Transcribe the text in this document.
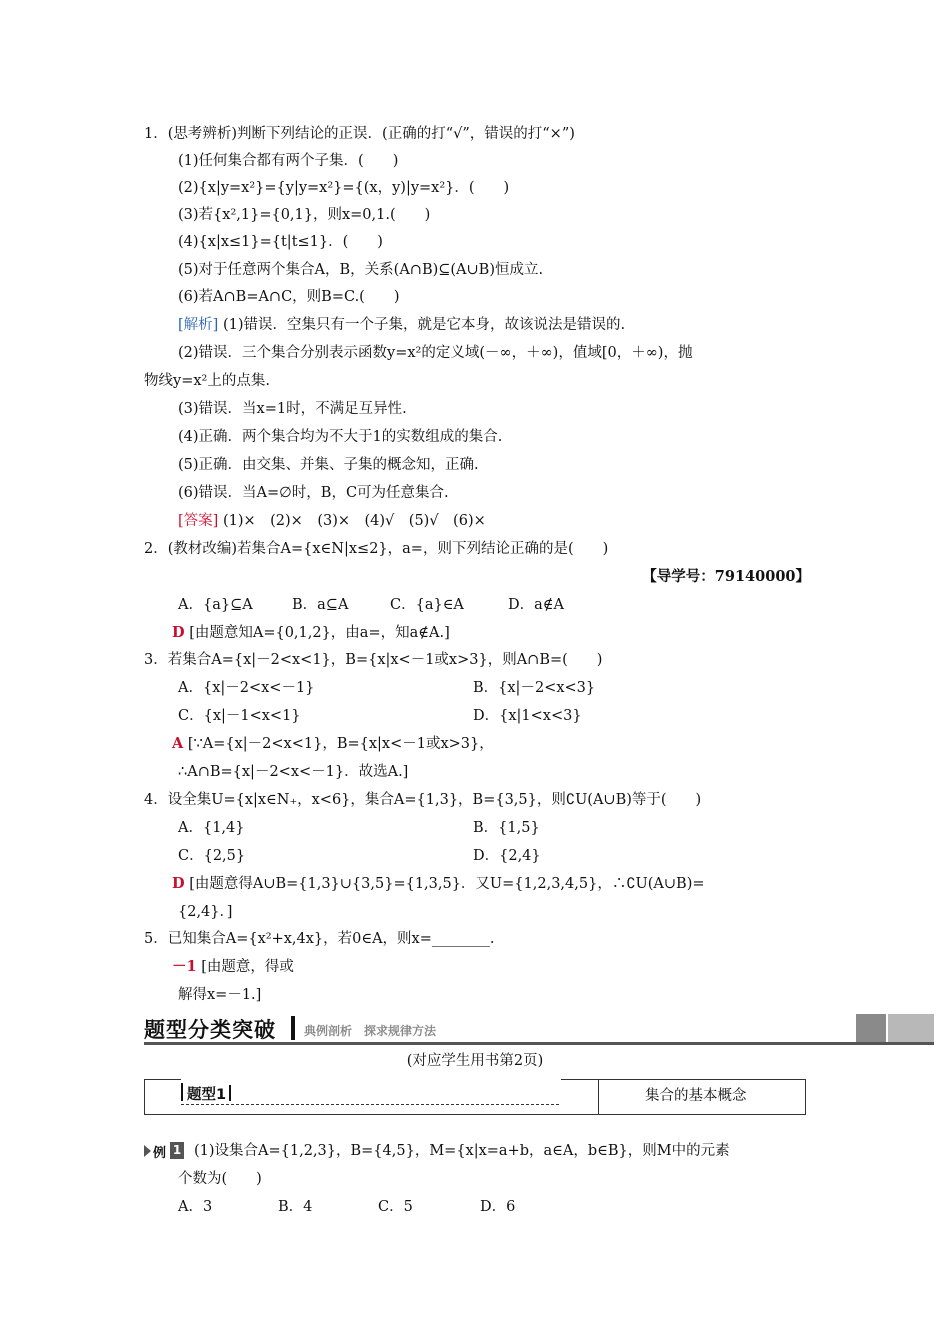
1．(思考辨析)判断下列结论的正误．(正确的打“√”，错误的打“×”)
(1)任何集合都有两个子集．(　　)
(2){x|y=x²}={y|y=x²}={(x，y)|y=x²}．(　　)
(3)若{x²,1}={0,1}，则x=0,1.(　　)
(4){x|x≤1}={t|t≤1}．(　　)
(5)对于任意两个集合A，B，关系(A∩B)⊆(A∪B)恒成立.
(6)若A∩B=A∩C，则B=C.(　　)
[解析] (1)错误．空集只有一个子集，就是它本身，故该说法是错误的.
(2)错误．三个集合分别表示函数y=x²的定义域(－∞，＋∞)，值域[0，＋∞)，抛
物线y=x²上的点集.
(3)错误．当x=1时，不满足互异性.
(4)正确．两个集合均为不大于1的实数组成的集合.
(5)正确．由交集、并集、子集的概念知，正确.
(6)错误．当A=∅时，B，C可为任意集合.
[答案] (1)×　(2)×　(3)×　(4)√　(5)√　(6)×
2．(教材改编)若集合A={x∈N|x≤2}，a=，则下列结论正确的是(　　)
【导学号：79140000】
A．{a}⊆A	B．a⊆A	C．{a}∈A	D．a∉A
D [由题意知A={0,1,2}，由a=，知a∉A.]
3．若集合A={x|－2<x<1}，B={x|x<－1或x>3}，则A∩B=(　　)
A．{x|－2<x<－1}	B．{x|－2<x<3}
C．{x|－1<x<1}	D．{x|1<x<3}
A [∵A={x|－2<x<1}，B={x|x<－1或x>3}，
∴A∩B={x|－2<x<－1}．故选A.]
4．设全集U={x|x∈N₊，x<6}，集合A={1,3}，B={3,5}，则∁U(A∪B)等于(　　)
A．{1,4}	B．{1,5}
C．{2,5}	D．{2,4}
D [由题意得A∪B={1,3}∪{3,5}={1,3,5}．又U={1,2,3,4,5}，∴∁U(A∪B)=
{2,4}．]
5．已知集合A={x²+x,4x}，若0∈A，则x=________.
－1 [由题意，得或
解得x=－1.]
题型分类突破 典例剖析　探求规律方法
(对应学生用书第2页)
题型1	集合的基本概念
例 1 (1)设集合A={1,2,3}，B={4,5}，M={x|x=a+b，a∈A，b∈B}，则M中的元素
个数为(　　)
A．3	B．4	C．5	D．6
